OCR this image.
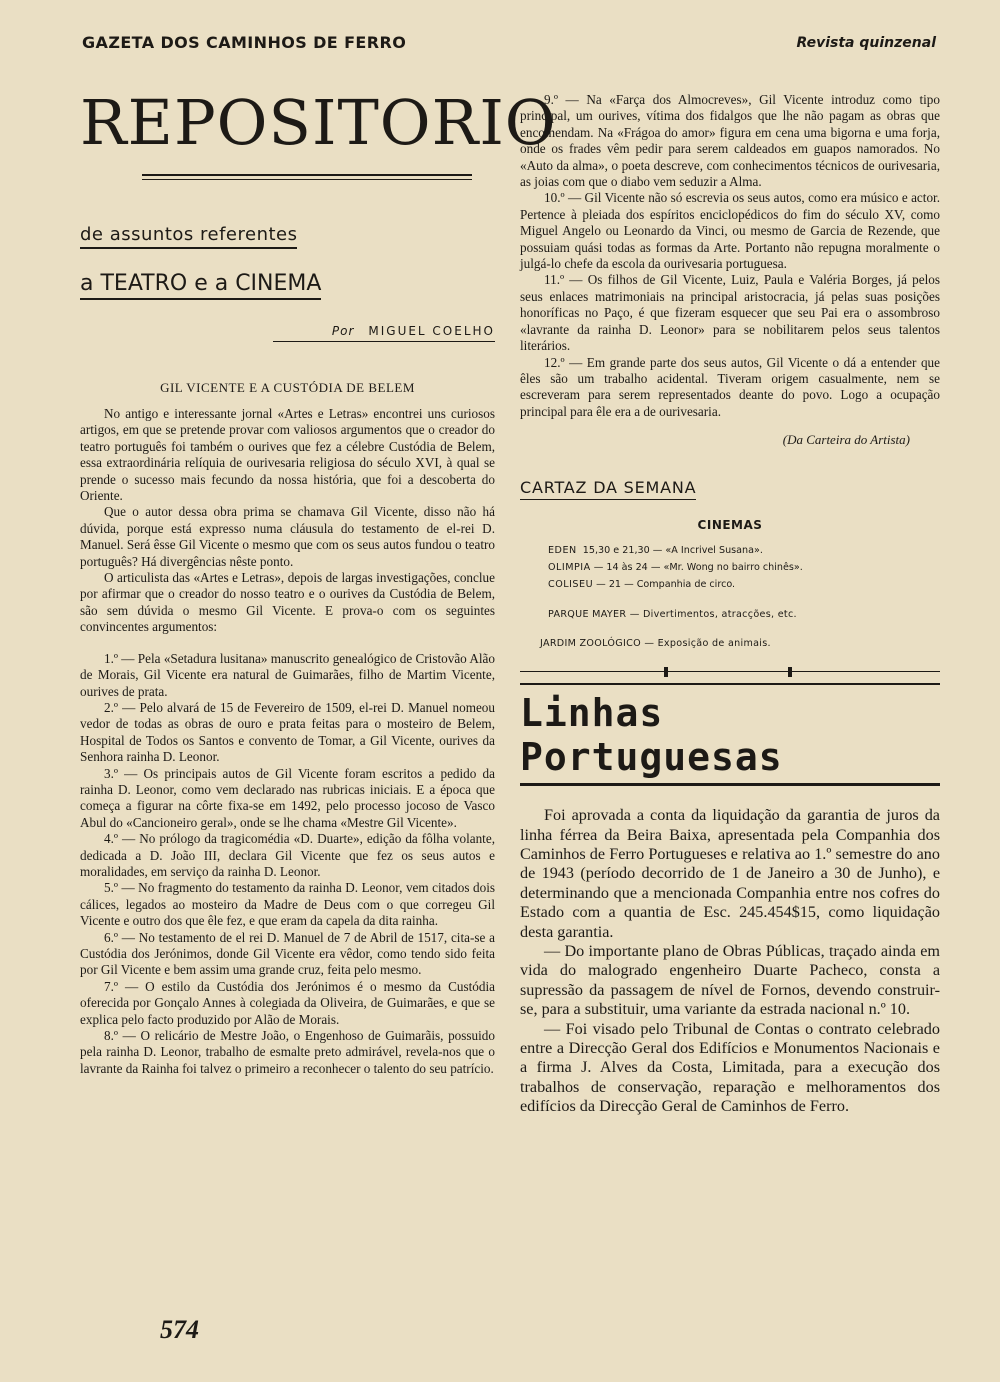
GAZETA DOS CAMINHOS DE FERRO	Revista quinzenal
REPOSITORIO
de assuntos referentes
a TEATRO e a CINEMA
Por MIGUEL COELHO
GIL VICENTE E A CUSTÓDIA DE BELEM

No antigo e interessante jornal «Artes e Letras» encontrei uns curiosos artigos, em que se pretende provar com valiosos argumentos que o creador do teatro português foi também o ourives que fez a célebre Custódia de Belem, essa extraordinária relíquia de ourivesaria religiosa do século XVI, à qual se prende o sucesso mais fecundo da nossa história, que foi a descoberta do Oriente.

Que o autor dessa obra prima se chamava Gil Vicente, disso não há dúvida, porque está expresso numa cláusula do testamento de el-rei D. Manuel. Será êsse Gil Vicente o mesmo que com os seus autos fundou o teatro português? Há divergências nêste ponto.

O articulista das «Artes e Letras», depois de largas investigações, conclue por afirmar que o creador do nosso teatro e o ourives da Custódia de Belem, são sem dúvida o mesmo Gil Vicente. E prova-o com os seguintes convincentes argumentos:

1.º — Pela «Setadura lusitana» manuscrito genealógico de Cristovão Alão de Morais, Gil Vicente era natural de Guimarães, filho de Martim Vicente, ourives de prata.

2.º — Pelo alvará de 15 de Fevereiro de 1509, el-rei D. Manuel nomeou vedor de todas as obras de ouro e prata feitas para o mosteiro de Belem, Hospital de Todos os Santos e convento de Tomar, a Gil Vicente, ourives da Senhora rainha D. Leonor.

3.º — Os principais autos de Gil Vicente foram escritos a pedido da rainha D. Leonor, como vem declarado nas rubricas iniciais. E a época que começa a figurar na côrte fixa-se em 1492, pelo processo jocoso de Vasco Abul do «Cancioneiro geral», onde se lhe chama «Mestre Gil Vicente».

4.º — No prólogo da tragicomédia «D. Duarte», edição da fôlha volante, dedicada a D. João III, declara Gil Vicente que fez os seus autos e moralidades, em serviço da rainha D. Leonor.

5.º — No fragmento do testamento da rainha D. Leonor, vem citados dois cálices, legados ao mosteiro da Madre de Deus com o que corregeu Gil Vicente e outro dos que êle fez, e que eram da capela da dita rainha.

6.º — No testamento de el rei D. Manuel de 7 de Abril de 1517, cita-se a Custódia dos Jerónimos, donde Gil Vicente era vêdor, como tendo sido feita por Gil Vicente e bem assim uma grande cruz, feita pelo mesmo.

7.º — O estilo da Custódia dos Jerónimos é o mesmo da Custódia oferecida por Gonçalo Annes à colegiada da Oliveira, de Guimarães, e que se explica pelo facto produzido por Alão de Morais.

8.º — O relicário de Mestre João, o Engenhoso de Guimarãis, possuido pela rainha D. Leonor, trabalho de esmalte preto admirável, revela-nos que o lavrante da Rainha foi talvez o primeiro a reconhecer o talento do seu patrício.

9.º — Na «Farça dos Almocreves», Gil Vicente introduz como tipo principal, um ourives, vítima dos fidalgos que lhe não pagam as obras que encomendam. Na «Frágoa do amor» figura em cena uma bigorna e uma forja, onde os frades vêm pedir para serem caldeados em guapos namorados. No «Auto da alma», o poeta descreve, com conhecimentos técnicos de ourivesaria, as joias com que o diabo vem seduzir a Alma.

10.º — Gil Vicente não só escrevia os seus autos, como era músico e actor. Pertence à pleiada dos espíritos enciclopédicos do fim do século XV, como Miguel Angelo ou Leonardo da Vinci, ou mesmo de Garcia de Rezende, que possuiam quási todas as formas da Arte. Portanto não repugna moralmente o julgá-lo chefe da escola da ourivesaria portuguesa.

11.º — Os filhos de Gil Vicente, Luiz, Paula e Valéria Borges, já pelos seus enlaces matrimoniais na principal aristocracia, já pelas suas posições honoríficas no Paço, é que fizeram esquecer que seu Pai era o assombroso «lavrante da rainha D. Leonor» para se nobilitarem pelos seus talentos literários.

12.º — Em grande parte dos seus autos, Gil Vicente o dá a entender que êles são um trabalho acidental. Tiveram origem casualmente, nem se escreveram para serem representados deante do povo. Logo a ocupação principal para êle era a de ourivesaria.

(Da Carteira do Artista)
CARTAZ DA SEMANA
CINEMAS
EDEN 15,30 e 21,30 — «A Incrivel Susana».
OLIMPIA — 14 às 24 — «Mr. Wong no bairro chinês».
COLISEU — 21 — Companhia de circo.
PARQUE MAYER — Divertimentos, atracções, etc.
JARDIM ZOOLÓGICO — Exposição de animais.
Linhas Portuguesas

Foi aprovada a conta da liquidação da garantia de juros da linha férrea da Beira Baixa, apresentada pela Companhia dos Caminhos de Ferro Portugueses e relativa ao 1.º semestre do ano de 1943 (período decorrido de 1 de Janeiro a 30 de Junho), e determinando que a mencionada Companhia entre nos cofres do Estado com a quantia de Esc. 245.454$15, como liquidação desta garantia.

— Do importante plano de Obras Públicas, traçado ainda em vida do malogrado engenheiro Duarte Pacheco, consta a supressão da passagem de nível de Fornos, devendo construir-se, para a substituir, uma variante da estrada nacional n.º 10.

— Foi visado pelo Tribunal de Contas o contrato celebrado entre a Direcção Geral dos Edifícios e Monumentos Nacionais e a firma J. Alves da Costa, Limitada, para a execução dos trabalhos de conservação, reparação e melhoramentos dos edifícios da Direcção Geral de Caminhos de Ferro.

574
